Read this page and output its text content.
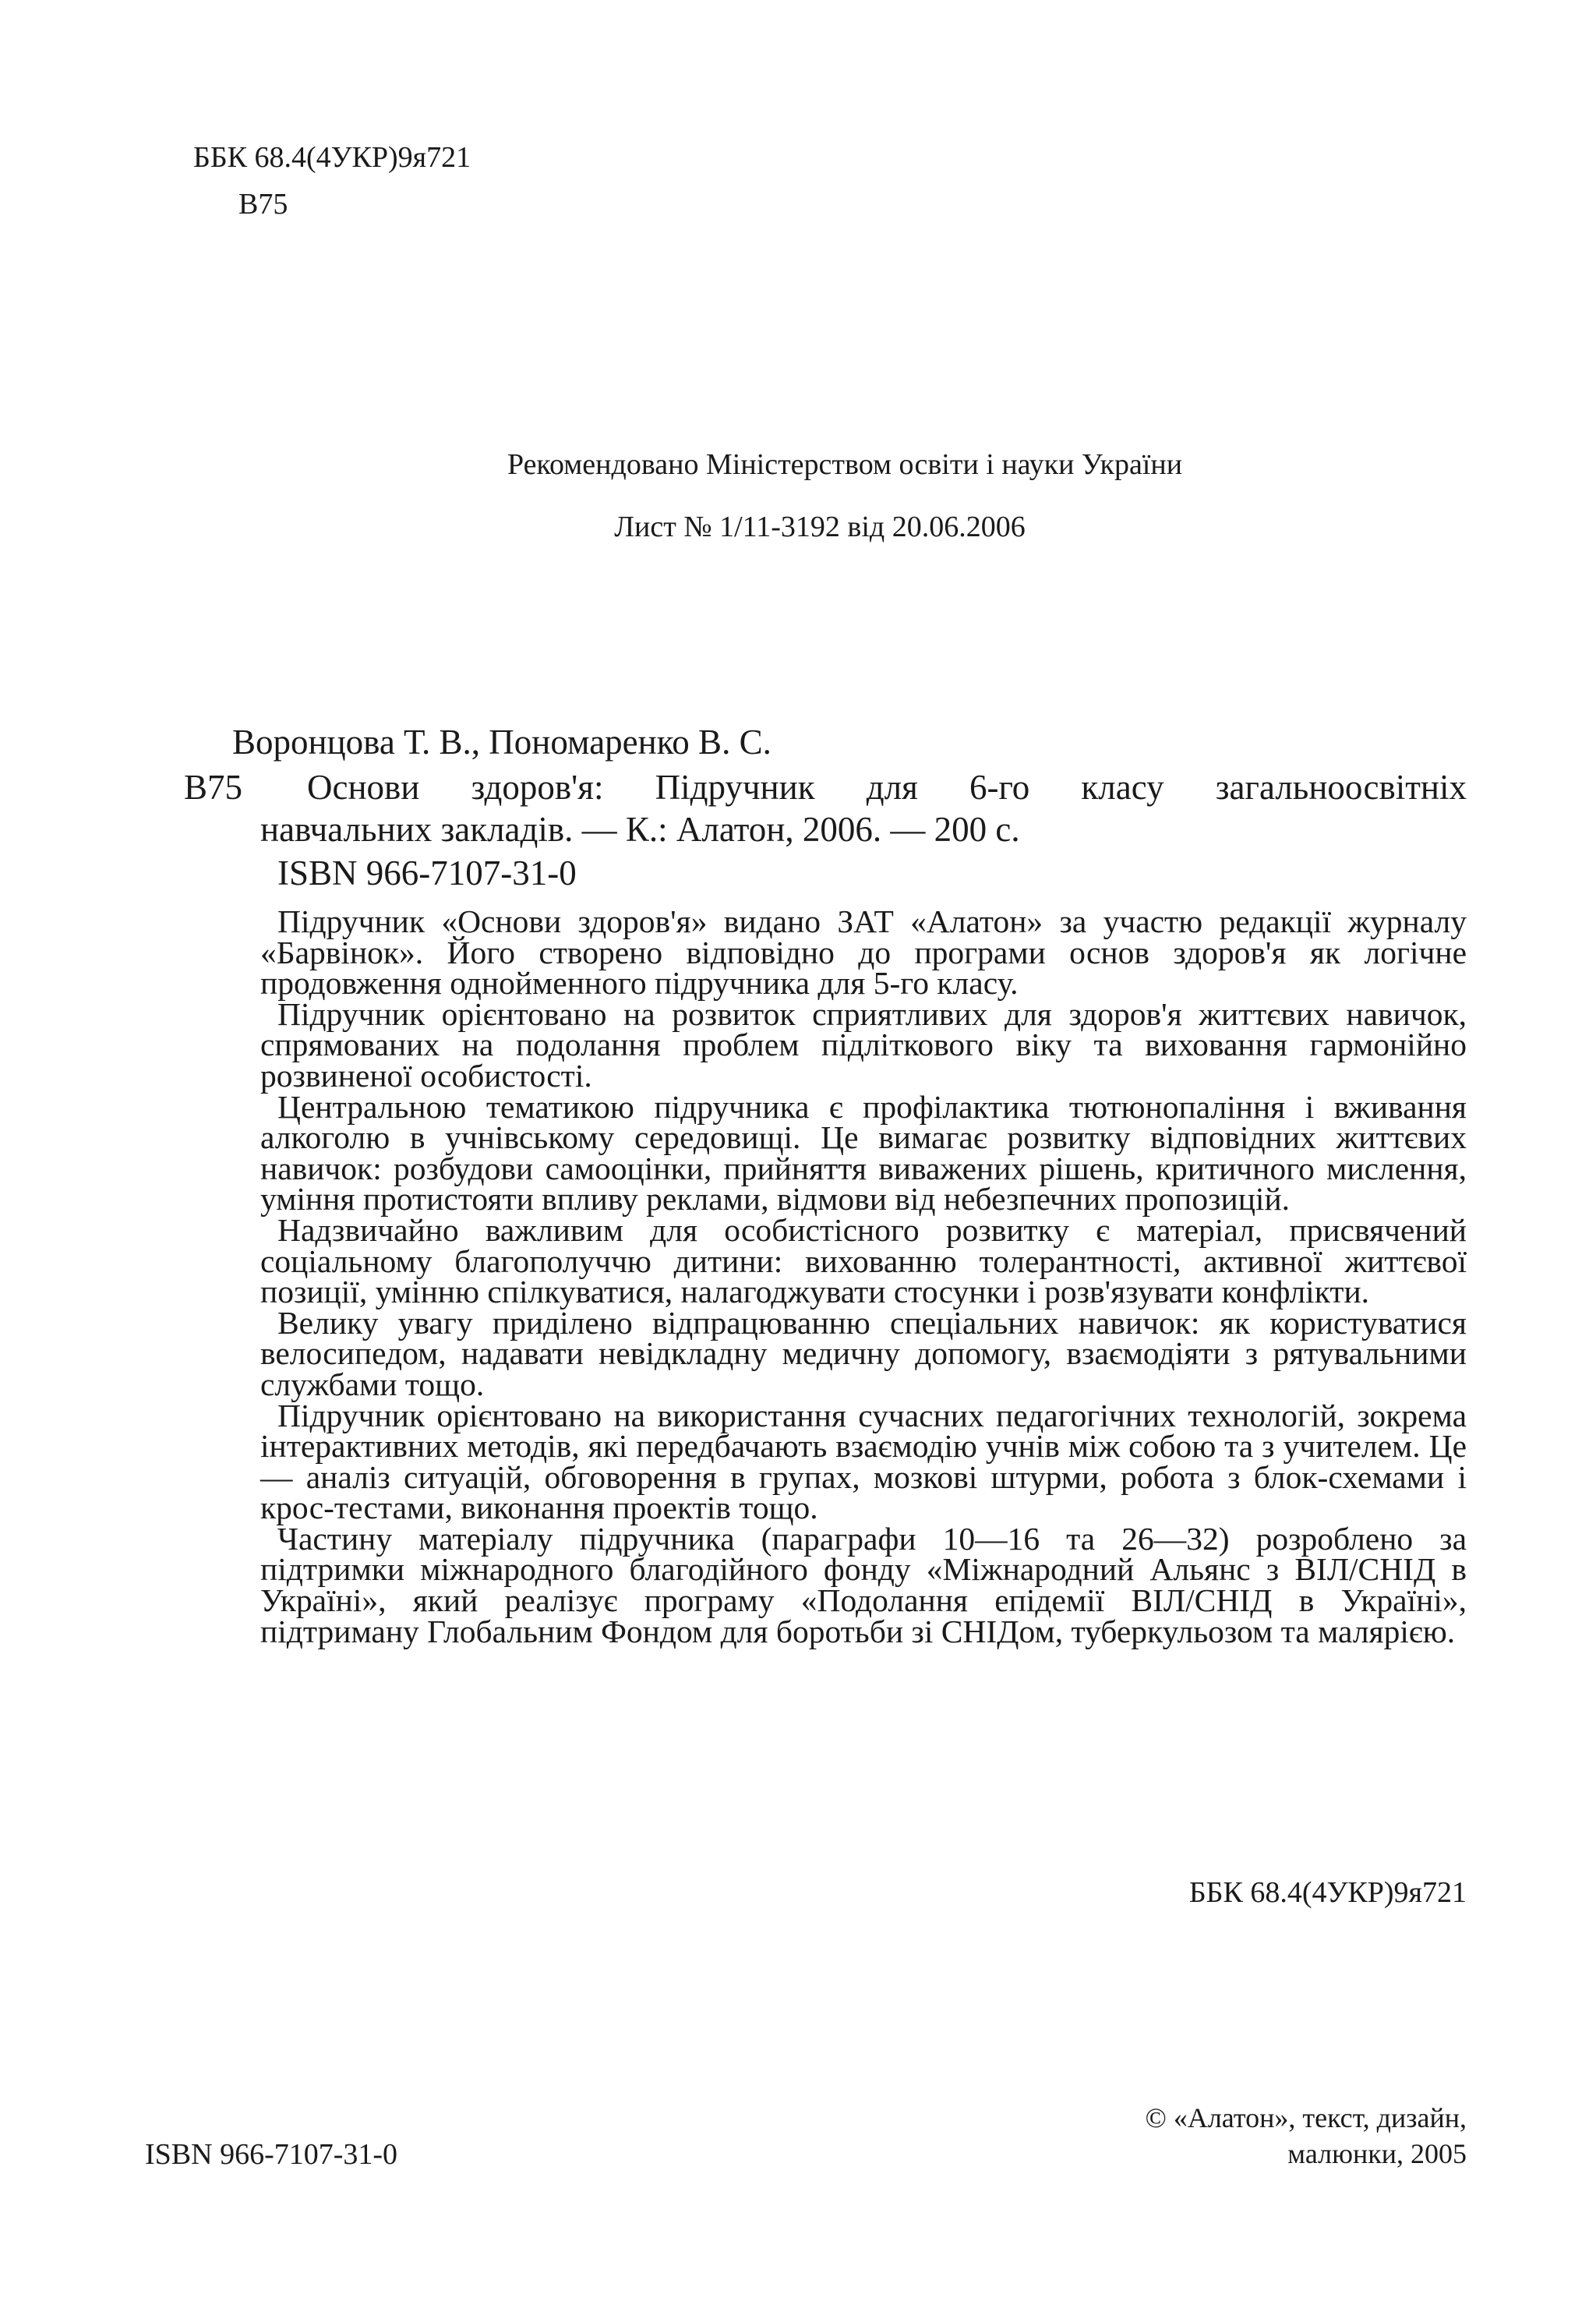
ББК 68.4(4УКР)9я721
В75
Рекомендовано Міністерством освіти і науки України
Лист № 1/11-3192 від 20.06.2006
Воронцова Т. В., Пономаренко В. С.
В75 Основи здоров'я: Підручник для 6-го класу загальноосвітніх
навчальних закладів. — К.: Алатон, 2006. — 200 с.
ISBN 966-7107-31-0

Підручник «Основи здоров'я» видано ЗАТ «Алатон» за участю редакції журналу «Барвінок». Його створено відповідно до програми основ здоров'я як логічне продовження однойменного підручника для 5-го класу.

Підручник орієнтовано на розвиток сприятливих для здоров'я життєвих навичок, спрямованих на подолання проблем підліткового віку та виховання гармонійно розвиненої особистості.

Центральною тематикою підручника є профілактика тютюнопаління і вживання алкоголю в учнівському середовищі. Це вимагає розвитку відповідних життєвих навичок: розбудови самооцінки, прийняття виважених рішень, критичного мислення, уміння протистояти впливу реклами, відмови від небезпечних пропозицій.

Надзвичайно важливим для особистісного розвитку є матеріал, присвячений соціальному благополуччю дитини: вихованню толерантності, активної життєвої позиції, умінню спілкуватися, налагоджувати стосунки і розв'язувати конфлікти.

Велику увагу приділено відпрацюванню спеціальних навичок: як користуватися велосипедом, надавати невідкладну медичну допомогу, взаємодіяти з рятувальними службами тощо.

Підручник орієнтовано на використання сучасних педагогічних технологій, зокрема інтерактивних методів, які передбачають взаємодію учнів між собою та з учителем. Це — аналіз ситуацій, обговорення в групах, мозкові штурми, робота з блок-схемами і крос-тестами, виконання проектів тощо.

Частину матеріалу підручника (параграфи 10—16 та 26—32) розроблено за підтримки міжнародного благодійного фонду «Міжнародний Альянс з ВІЛ/СНІД в Україні», який реалізує програму «Подолання епідемії ВІЛ/СНІД в Україні», підтриману Глобальним Фондом для боротьби зі СНІДом, туберкульозом та малярією.

ББК 68.4(4УКР)9я721
ISBN 966-7107-31-0
© «Алатон», текст, дизайн,
малюнки, 2005
